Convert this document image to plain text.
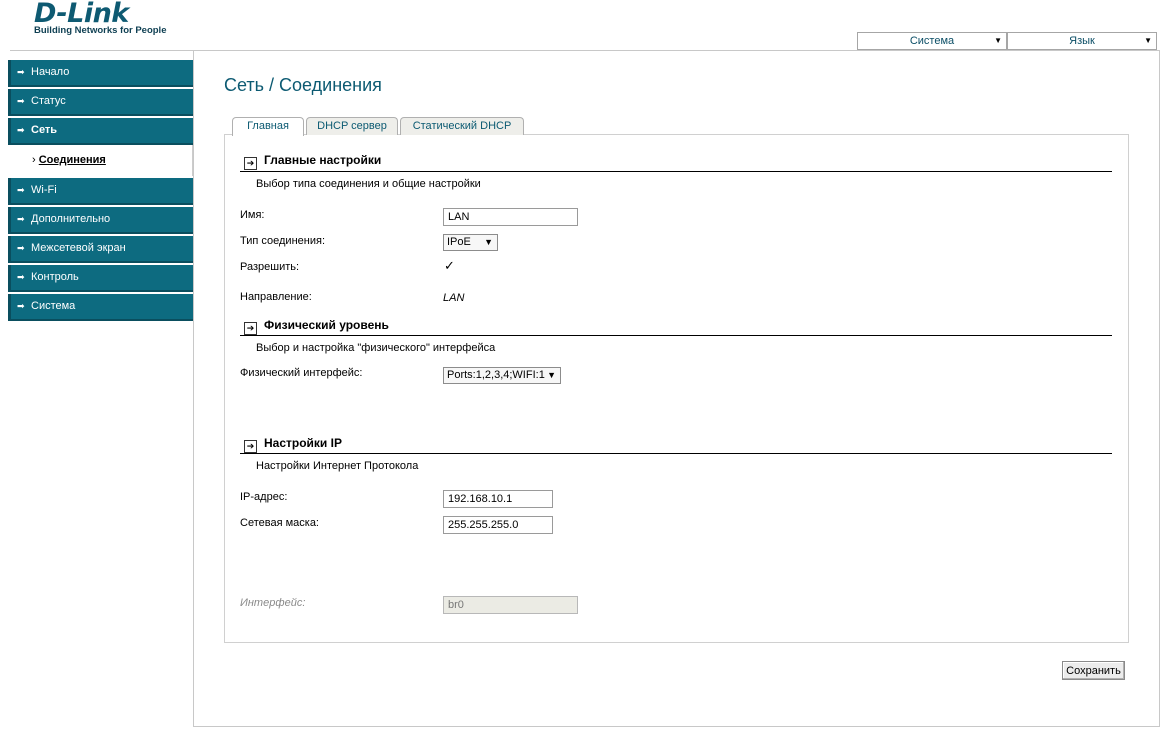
D-Link
Building Networks for People
Система	▼	Язык	▼
➡ Начало
➡ Статус
➡ Сеть
› Соединения
➡ Wi-Fi
➡ Дополнительно
➡ Межсетевой экран
➡ Контроль
➡ Система
Сеть / Соединения
Главная	DHCP сервер	Статический DHCP
➔ Главные настройки
Выбор типа соединения и общие настройки
Имя:	LAN
Тип соединения:	IPoE ▼
Разрешить:	✓
Направление:	LAN
➔ Физический уровень
Выбор и настройка "физического" интерфейса
Физический интерфейс:	Ports:1,2,3,4;WIFI:1 ▼
➔ Настройки IP
Настройки Интернет Протокола
IP-адрес:	192.168.10.1
Сетевая маска:	255.255.255.0
Интерфейс:	br0
Сохранить
